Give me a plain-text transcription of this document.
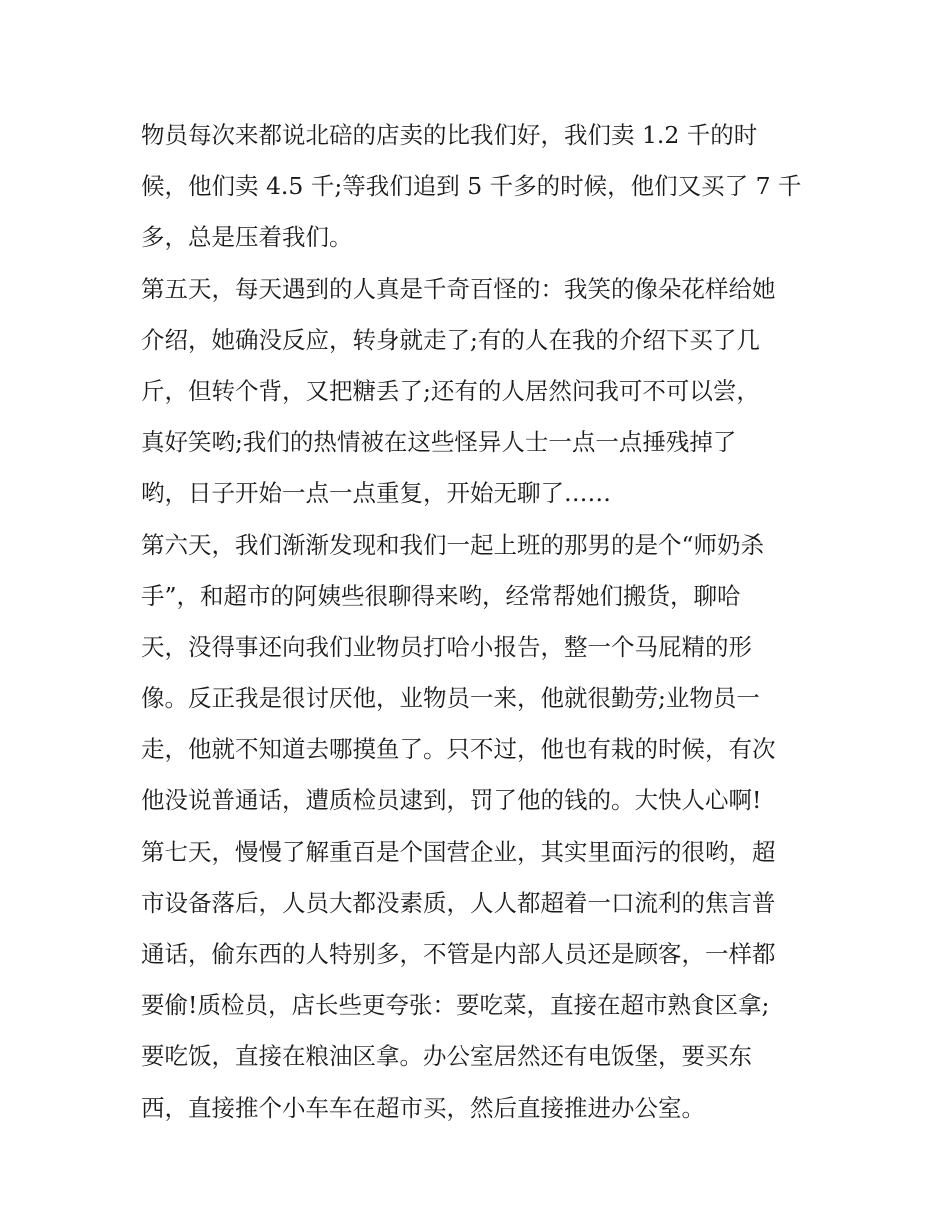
物员每次来都说北碚的店卖的比我们好，我们卖 1.2 千的时
候，他们卖 4.5 千;等我们追到 5 千多的时候，他们又买了 7 千
多，总是压着我们。
第五天，每天遇到的人真是千奇百怪的：我笑的像朵花样给她
介绍，她确没反应，转身就走了;有的人在我的介绍下买了几
斤，但转个背，又把糖丢了;还有的人居然问我可不可以尝，
真好笑哟;我们的热情被在这些怪异人士一点一点捶残掉了
哟，日子开始一点一点重复，开始无聊了……
第六天，我们渐渐发现和我们一起上班的那男的是个“师奶杀
手”，和超市的阿姨些很聊得来哟，经常帮她们搬货，聊哈
天，没得事还向我们业物员打哈小报告，整一个马屁精的形
像。反正我是很讨厌他，业物员一来，他就很勤劳;业物员一
走，他就不知道去哪摸鱼了。只不过，他也有栽的时候，有次
他没说普通话，遭质检员逮到，罚了他的钱的。大快人心啊!
第七天，慢慢了解重百是个国营企业，其实里面污的很哟，超
市设备落后，人员大都没素质，人人都超着一口流利的焦言普
通话，偷东西的人特别多，不管是内部人员还是顾客，一样都
要偷!质检员，店长些更夸张：要吃菜，直接在超市熟食区拿;
要吃饭，直接在粮油区拿。办公室居然还有电饭堡，要买东
西，直接推个小车车在超市买，然后直接推进办公室。
